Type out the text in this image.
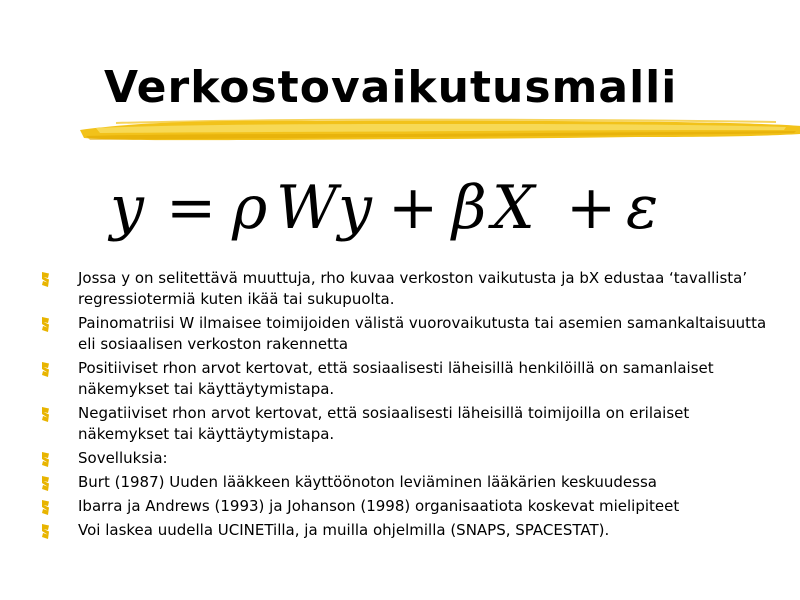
Verkostovaikutusmalli
y = ρ W y + β X + ε
Jossa y on selitettävä muuttuja, rho kuvaa verkoston vaikutusta ja bX edustaa ‘tavallista’ regressiotermiä kuten ikää tai sukupuolta.
Painomatriisi W ilmaisee toimijoiden välistä vuorovaikutusta tai asemien samankaltaisuutta eli sosiaalisen verkoston rakennetta
Positiiviset rhon arvot kertovat, että sosiaalisesti läheisillä henkilöillä on samanlaiset näkemykset tai käyttäytymistapa.
Negatiiviset rhon arvot kertovat, että sosiaalisesti läheisillä toimijoilla on erilaiset näkemykset tai käyttäytymistapa.
Sovelluksia:
Burt (1987) Uuden lääkkeen käyttöönoton leviäminen lääkärien keskuudessa
Ibarra ja Andrews (1993) ja Johanson (1998) organisaatiota koskevat mielipiteet
Voi laskea uudella UCINETilla, ja muilla ohjelmilla (SNAPS, SPACESTAT).
